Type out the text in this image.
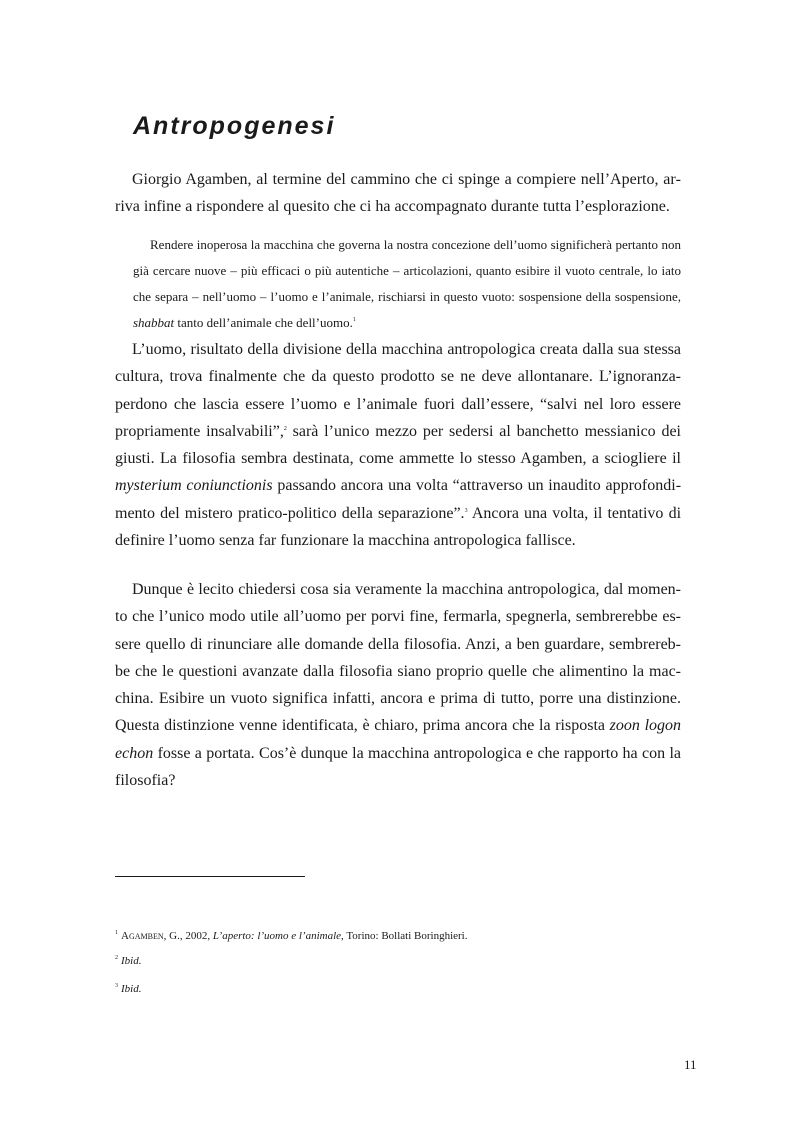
Antropogenesi

Giorgio Agamben, al termine del cammino che ci spinge a compiere nell’Aperto, arriva infine a rispondere al quesito che ci ha accompagnato durante tutta l’esplorazione.

Rendere inoperosa la macchina che governa la nostra concezione dell’uomo significherà pertanto non già cercare nuove – più efficaci o più autentiche – articolazioni, quanto esibire il vuoto centrale, lo iato che separa – nell’uomo – l’uomo e l’animale, rischiarsi in questo vuoto: sospensione della sospensione, shabbat tanto dell’animale che dell’uomo.$^1$

L’uomo, risultato della divisione della macchina antropologica creata dalla sua stessa cultura, trova finalmente che da questo prodotto se ne deve allontanare. L’ignoranza-perdono che lascia essere l’uomo e l’animale fuori dall’essere, “salvi nel loro essere propriamente insalvabili”,$^2$ sarà l’unico mezzo per sedersi al banchetto messianico dei giusti. La filosofia sembra destinata, come ammette lo stesso Agamben, a sciogliere il mysterium coniunctionis passando ancora una volta “attraverso un inaudito approfondimento del mistero pratico-politico della separazione”.$^3$ Ancora una volta, il tentativo di definire l’uomo senza far funzionare la macchina antropologica fallisce.

Dunque è lecito chiedersi cosa sia veramente la macchina antropologica, dal momento che l’unico modo utile all’uomo per porvi fine, fermarla, spegnerla, sembrerebbe essere quello di rinunciare alle domande della filosofia. Anzi, a ben guardare, sembrerebbe che le questioni avanzate dalla filosofia siano proprio quelle che alimentino la macchina. Esibire un vuoto significa infatti, ancora e prima di tutto, porre una distinzione. Questa distinzione venne identificata, è chiaro, prima ancora che la risposta zoon logon echon fosse a portata. Cos’è dunque la macchina antropologica e che rapporto ha con la filosofia?

$^1$ Agamben, G., 2002, L’aperto: l’uomo e l’animale, Torino: Bollati Boringhieri.

$^2$ Ibid.

$^3$ Ibid.

11
